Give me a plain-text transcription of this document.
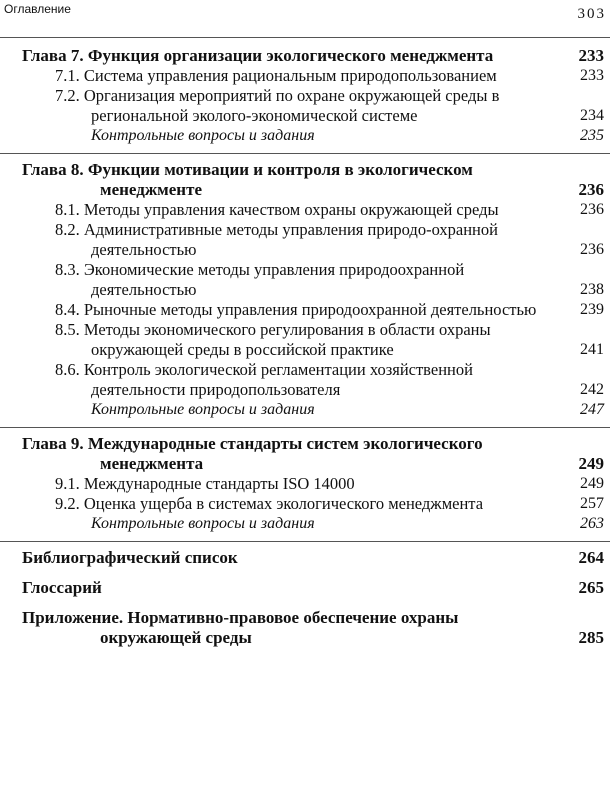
Оглавление	303
Глава 7. Функция организации экологического менеджмента	233
7.1. Система управления рациональным природопользованием	233
7.2. Организация мероприятий по охране окружающей среды в региональной эколого-экономической системе	234
Контрольные вопросы и задания	235
Глава 8. Функции мотивации и контроля в экологическом менеджменте	236
8.1. Методы управления качеством охраны окружающей среды	236
8.2. Административные методы управления природо-охранной деятельностью	236
8.3. Экономические методы управления природоохранной деятельностью	238
8.4. Рыночные методы управления природоохранной деятельностью	239
8.5. Методы экономического регулирования в области охраны окружающей среды в российской практике	241
8.6. Контроль экологической регламентации хозяйственной деятельности природопользователя	242
Контрольные вопросы и задания	247
Глава 9. Международные стандарты систем экологического менеджмента	249
9.1. Международные стандарты ISO 14000	249
9.2. Оценка ущерба в системах экологического менеджмента	257
Контрольные вопросы и задания	263
Библиографический список	264
Глоссарий	265
Приложение. Нормативно-правовое обеспечение охраны окружающей среды	285
